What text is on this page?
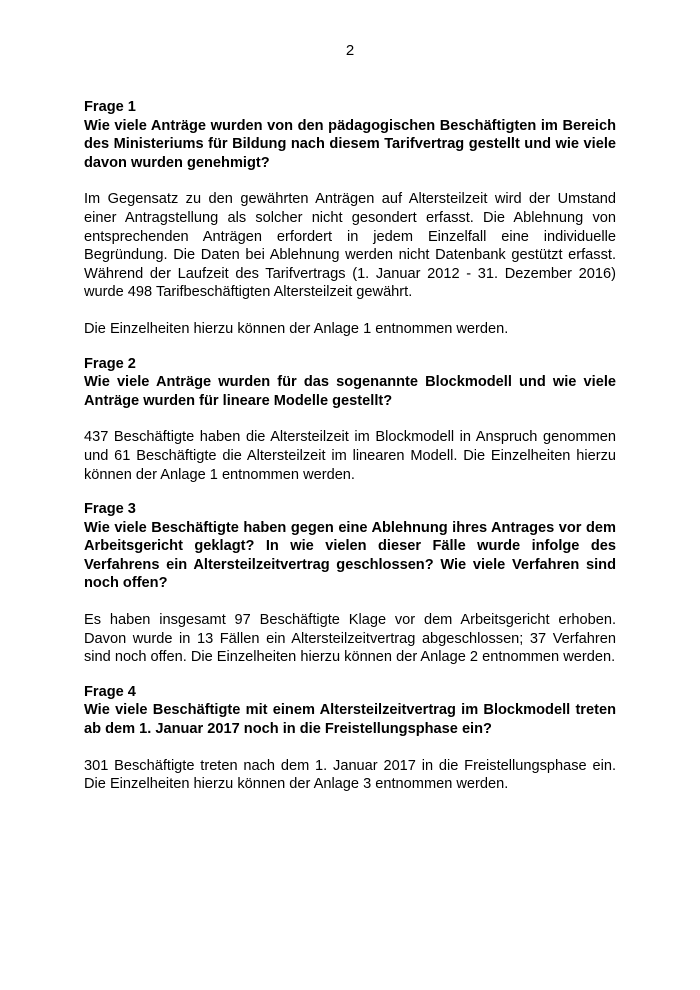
2

Frage 1

Wie viele Anträge wurden von den pädagogischen Beschäftigten im Bereich des Ministeriums für Bildung nach diesem Tarifvertrag gestellt und wie viele davon wurden genehmigt?

Im Gegensatz zu den gewährten Anträgen auf Altersteilzeit wird der Umstand einer Antragstellung als solcher nicht gesondert erfasst. Die Ablehnung von entsprechenden Anträgen erfordert in jedem Einzelfall eine individuelle Begründung. Die Daten bei Ablehnung werden nicht Datenbank gestützt erfasst. Während der Laufzeit des Tarifvertrags (1. Januar 2012 - 31. Dezember 2016) wurde 498 Tarifbeschäftigten Altersteilzeit gewährt.

Die Einzelheiten hierzu können der Anlage 1 entnommen werden.

Frage 2

Wie viele Anträge wurden für das sogenannte Blockmodell und wie viele Anträge wurden für lineare Modelle gestellt?

437 Beschäftigte haben die Altersteilzeit im Blockmodell in Anspruch genommen und 61 Beschäftigte die Altersteilzeit im linearen Modell. Die Einzelheiten hierzu können der Anlage 1 entnommen werden.

Frage 3

Wie viele Beschäftigte haben gegen eine Ablehnung ihres Antrages vor dem Arbeitsgericht geklagt? In wie vielen dieser Fälle wurde infolge des Verfahrens ein Altersteilzeitvertrag geschlossen? Wie viele Verfahren sind noch offen?

Es haben insgesamt 97 Beschäftigte Klage vor dem Arbeitsgericht erhoben. Davon wurde in 13 Fällen ein Altersteilzeitvertrag abgeschlossen; 37 Verfahren sind noch offen. Die Einzelheiten hierzu können der Anlage 2 entnommen werden.

Frage 4

Wie viele Beschäftigte mit einem Altersteilzeitvertrag im Blockmodell treten ab dem 1. Januar 2017 noch in die Freistellungsphase ein?

301 Beschäftigte treten nach dem 1. Januar 2017 in die Freistellungsphase ein. Die Einzelheiten hierzu können der Anlage 3 entnommen werden.
